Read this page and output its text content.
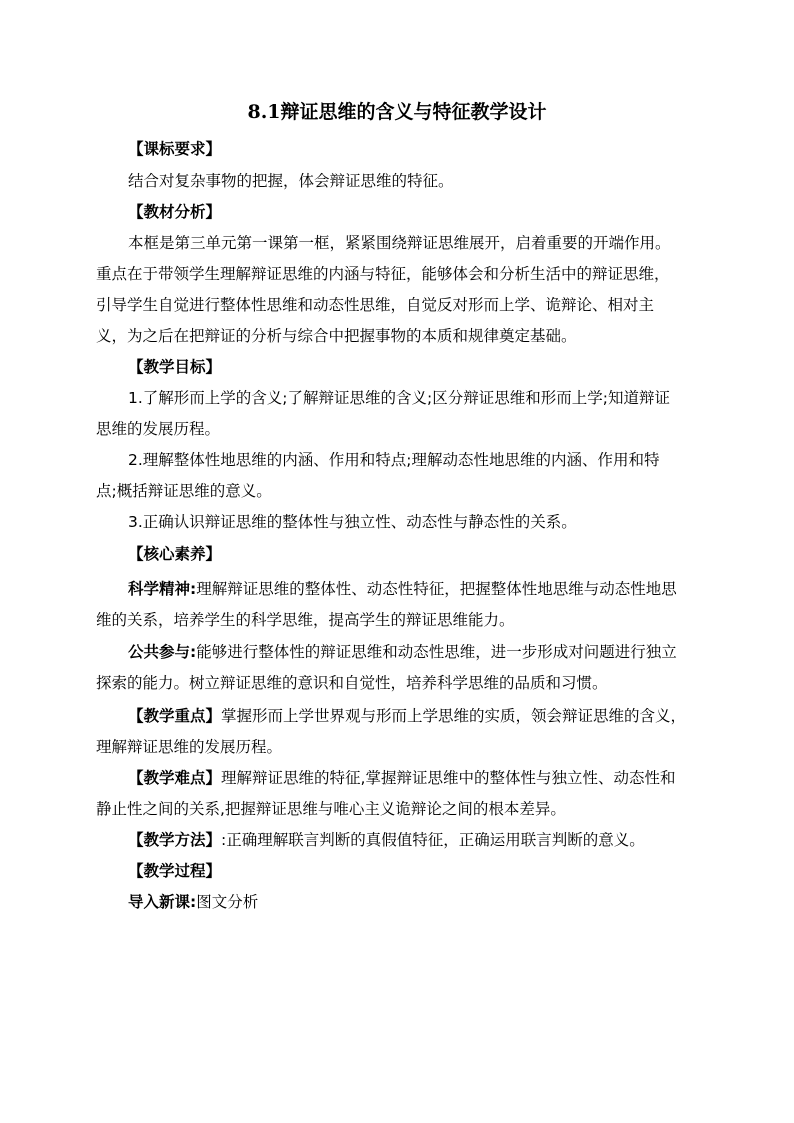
8.1辩证思维的含义与特征教学设计
【课标要求】
结合对复杂事物的把握，体会辩证思维的特征。
【教材分析】
本框是第三单元第一课第一框，紧紧围绕辩证思维展开，启着重要的开端作用。
重点在于带领学生理解辩证思维的内涵与特征，能够体会和分析生活中的辩证思维，
引导学生自觉进行整体性思维和动态性思维，自觉反对形而上学、诡辩论、相对主
义，为之后在把辩证的分析与综合中把握事物的本质和规律奠定基础。
【教学目标】
1.了解形而上学的含义;了解辩证思维的含义;区分辩证思维和形而上学;知道辩证
思维的发展历程。
2.理解整体性地思维的内涵、作用和特点;理解动态性地思维的内涵、作用和特
点;概括辩证思维的意义。
3.正确认识辩证思维的整体性与独立性、动态性与静态性的关系。
【核心素养】
科学精神:理解辩证思维的整体性、动态性特征，把握整体性地思维与动态性地思
维的关系，培养学生的科学思维，提高学生的辩证思维能力。
公共参与:能够进行整体性的辩证思维和动态性思维，进一步形成对问题进行独立
探索的能力。树立辩证思维的意识和自觉性，培养科学思维的品质和习惯。
【教学重点】掌握形而上学世界观与形而上学思维的实质，领会辩证思维的含义，
理解辩证思维的发展历程。
【教学难点】理解辩证思维的特征,掌握辩证思维中的整体性与独立性、动态性和
静止性之间的关系,把握辩证思维与唯心主义诡辩论之间的根本差异。
【教学方法】:正确理解联言判断的真假值特征，正确运用联言判断的意义。
【教学过程】
导入新课:图文分析
